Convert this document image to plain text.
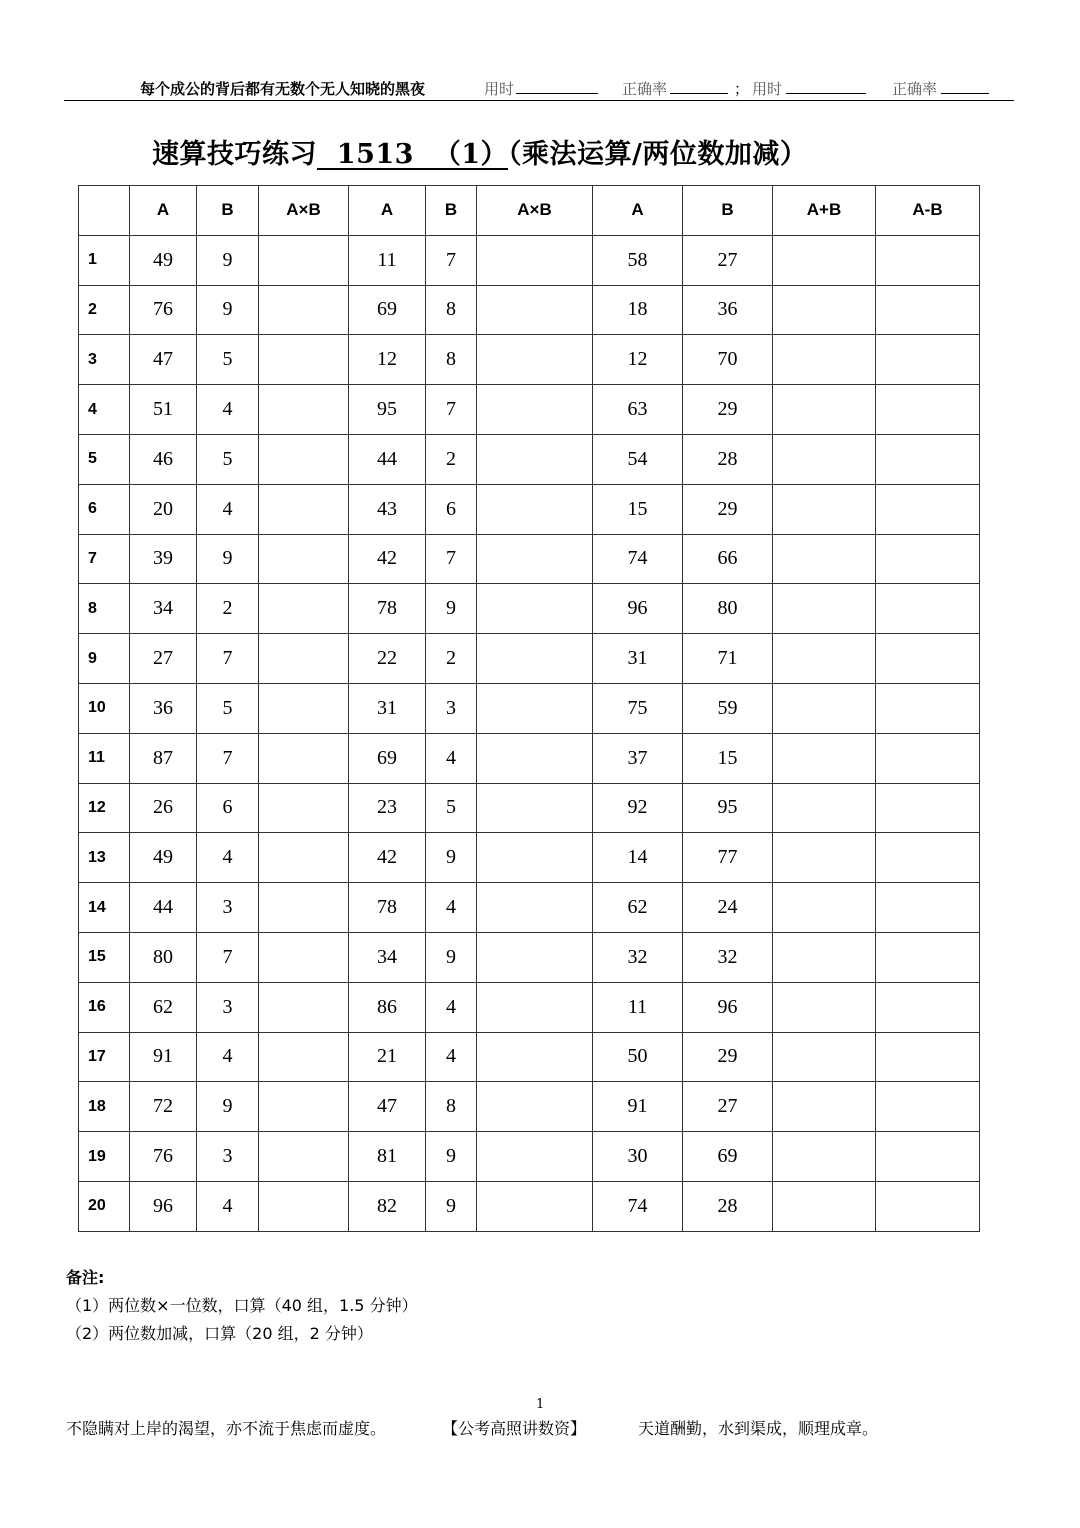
每个成公的背后都有无数个无人知晓的黑夜	用时	正确率	； 用时	正确率
速算技巧练习  1513  （1）（乘法运算/两位数加减）
	A	B	A×B	A	B	A×B	A	B	A+B	A-B
1	49	9		11	7		58	27		
2	76	9		69	8		18	36		
3	47	5		12	8		12	70		
4	51	4		95	7		63	29		
5	46	5		44	2		54	28		
6	20	4		43	6		15	29		
7	39	9		42	7		74	66		
8	34	2		78	9		96	80		
9	27	7		22	2		31	71		
10	36	5		31	3		75	59		
11	87	7		69	4		37	15		
12	26	6		23	5		92	95		
13	49	4		42	9		14	77		
14	44	3		78	4		62	24		
15	80	7		34	9		32	32		
16	62	3		86	4		11	96		
17	91	4		21	4		50	29		
18	72	9		47	8		91	27		
19	76	3		81	9		30	69		
20	96	4		82	9		74	28		
备注:
（1）两位数×一位数，口算（40 组，1.5 分钟）
（2）两位数加减，口算（20 组，2 分钟）
1
不隐瞒对上岸的渴望，亦不流于焦虑而虚度。	【公考高照讲数资】	天道酬勤，水到渠成，顺理成章。
